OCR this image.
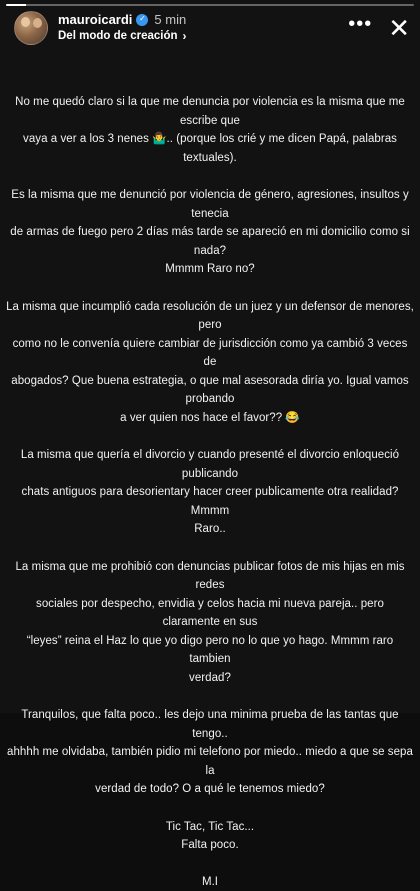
mauroicardi ✓ 5 min
Del modo de creación ›
••• ✕

No me quedó claro si la que me denuncia por violencia es la misma que me escribe que
vaya a ver a los 3 nenes 🤷‍♂️.. (porque los crié y me dicen Papá, palabras textuales).

Es la misma que me denunció por violencia de género, agresiones, insultos y tenecia
de armas de fuego pero 2 días más tarde se apareció en mi domicilio como si nada?
Mmmm Raro no?

La misma que incumplió cada resolución de un juez y un defensor de menores, pero
como no le convenía quiere cambiar de jurisdicción como ya cambió 3 veces de
abogados? Que buena estrategia, o que mal asesorada diría yo. Igual vamos probando
a ver quien nos hace el favor?? 😂

La misma que quería el divorcio y cuando presenté el divorcio enloqueció publicando
chats antiguos para desorientary hacer creer publicamente otra realidad? Mmmm
Raro..

La misma que me prohibió con denuncias publicar fotos de mis hijas en mis redes
sociales por despecho, envidia y celos hacia mi nueva pareja.. pero claramente en sus
“leyes” reina el Haz lo que yo digo pero no lo que yo hago. Mmmm raro tambien
verdad?

Tranquilos, que falta poco.. les dejo una minima prueba de las tantas que tengo..
ahhhh me olvidaba, también pidio mi telefono por miedo.. miedo a que se sepa la
verdad de todo? O a qué le tenemos miedo?

Tic Tac, Tic Tac...

Falta poco.

M.I
